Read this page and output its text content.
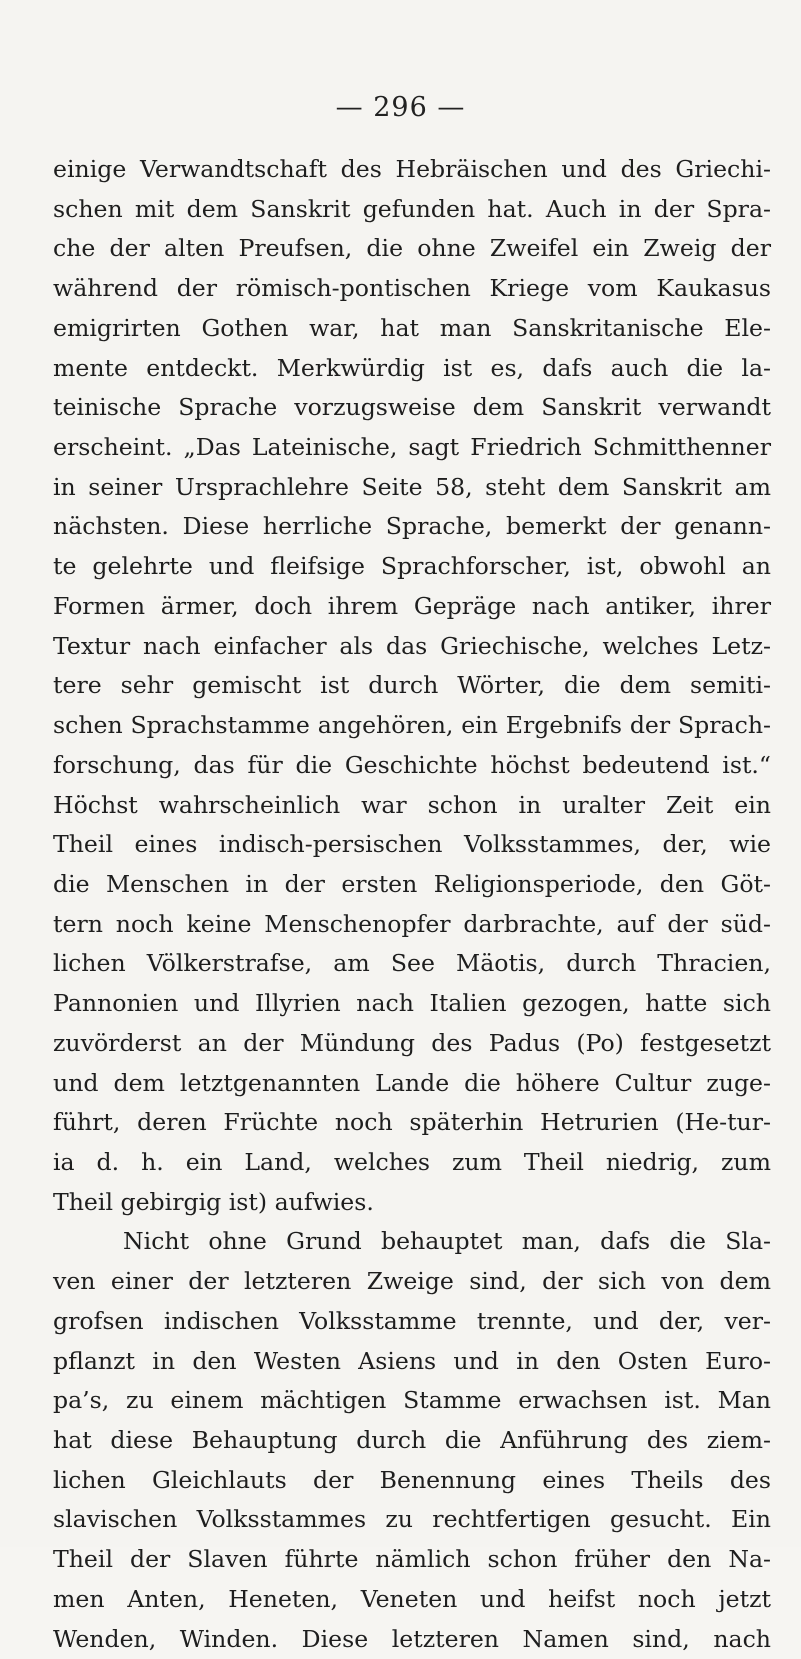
— 296 —
einige Verwandtschaft des Hebräischen und des Griechi-
schen mit dem Sanskrit gefunden hat. Auch in der Spra-
che der alten Preufsen, die ohne Zweifel ein Zweig der
während der römisch-pontischen Kriege vom Kaukasus
emigrirten Gothen war, hat man Sanskritanische Ele-
mente entdeckt. Merkwürdig ist es, dafs auch die la-
teinische Sprache vorzugsweise dem Sanskrit verwandt
erscheint. „Das Lateinische, sagt Friedrich Schmitthenner
in seiner Ursprachlehre Seite 58, steht dem Sanskrit am
nächsten. Diese herrliche Sprache, bemerkt der genann-
te gelehrte und fleifsige Sprachforscher, ist, obwohl an
Formen ärmer, doch ihrem Gepräge nach antiker, ihrer
Textur nach einfacher als das Griechische, welches Letz-
tere sehr gemischt ist durch Wörter, die dem semiti-
schen Sprachstamme angehören, ein Ergebnifs der Sprach-
forschung, das für die Geschichte höchst bedeutend ist.“
Höchst wahrscheinlich war schon in uralter Zeit ein
Theil eines indisch-persischen Volksstammes, der, wie
die Menschen in der ersten Religionsperiode, den Göt-
tern noch keine Menschenopfer darbrachte, auf der süd-
lichen Völkerstrafse, am See Mäotis, durch Thracien,
Pannonien und Illyrien nach Italien gezogen, hatte sich
zuvörderst an der Mündung des Padus (Po) festgesetzt
und dem letztgenannten Lande die höhere Cultur zuge-
führt, deren Früchte noch späterhin Hetrurien (He-tur-
ia d. h. ein Land, welches zum Theil niedrig, zum
Theil gebirgig ist) aufwies.
Nicht ohne Grund behauptet man, dafs die Sla-
ven einer der letzteren Zweige sind, der sich von dem
grofsen indischen Volksstamme trennte, und der, ver-
pflanzt in den Westen Asiens und in den Osten Euro-
pa’s, zu einem mächtigen Stamme erwachsen ist. Man
hat diese Behauptung durch die Anführung des ziem-
lichen Gleichlauts der Benennung eines Theils des
slavischen Volksstammes zu rechtfertigen gesucht. Ein
Theil der Slaven führte nämlich schon früher den Na-
men Anten, Heneten, Veneten und heifst noch jetzt
Wenden, Winden. Diese letzteren Namen sind, nach
